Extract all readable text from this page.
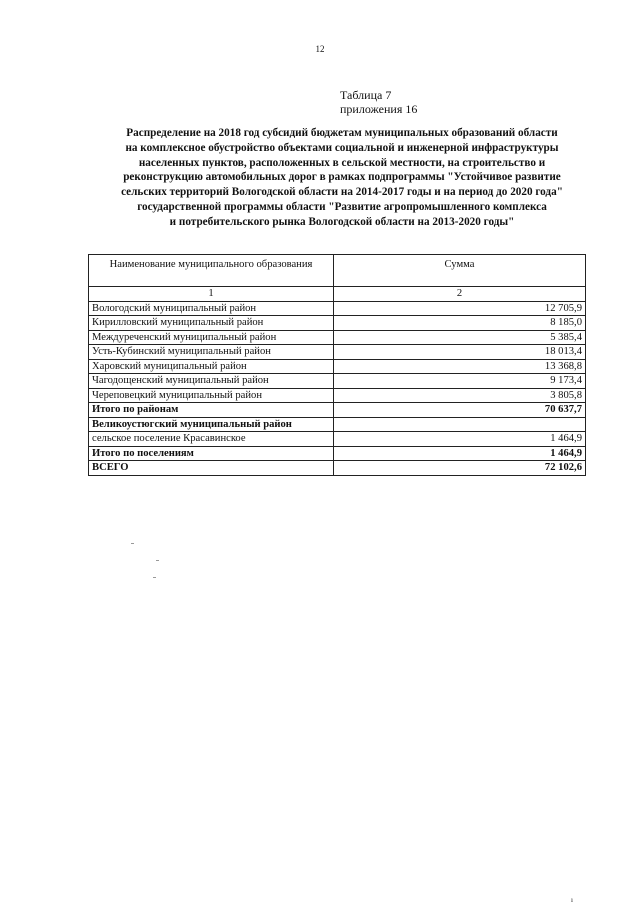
12
Таблица 7
приложения 16
Распределение на 2018 год субсидий бюджетам муниципальных образований области
на комплексное обустройство объектами социальной и инженерной инфраструктуры
населенных пунктов, расположенных в сельской местности, на строительство и
реконструкцию автомобильных дорог в рамках подпрограммы "Устойчивое развитие
сельских территорий Вологодской области на 2014-2017 годы и на период до 2020 года"
государственной программы области "Развитие агропромышленного комплекса
и потребительского рынка Вологодской области на 2013-2020 годы"
Наименование муниципального образования	Сумма
1	2
Вологодский муниципальный район	12 705,9
Кирилловский муниципальный район	8 185,0
Междуреченский муниципальный район	5 385,4
Усть-Кубинский муниципальный район	18 013,4
Харовский муниципальный район	13 368,8
Чагодощенский муниципальный район	9 173,4
Череповецкий муниципальный район	3 805,8
Итого по районам	70 637,7
Великоустюгский муниципальный район	
сельское поселение Красавинское	1 464,9
Итого по поселениям	1 464,9
ВСЕГО	72 102,6
ı
